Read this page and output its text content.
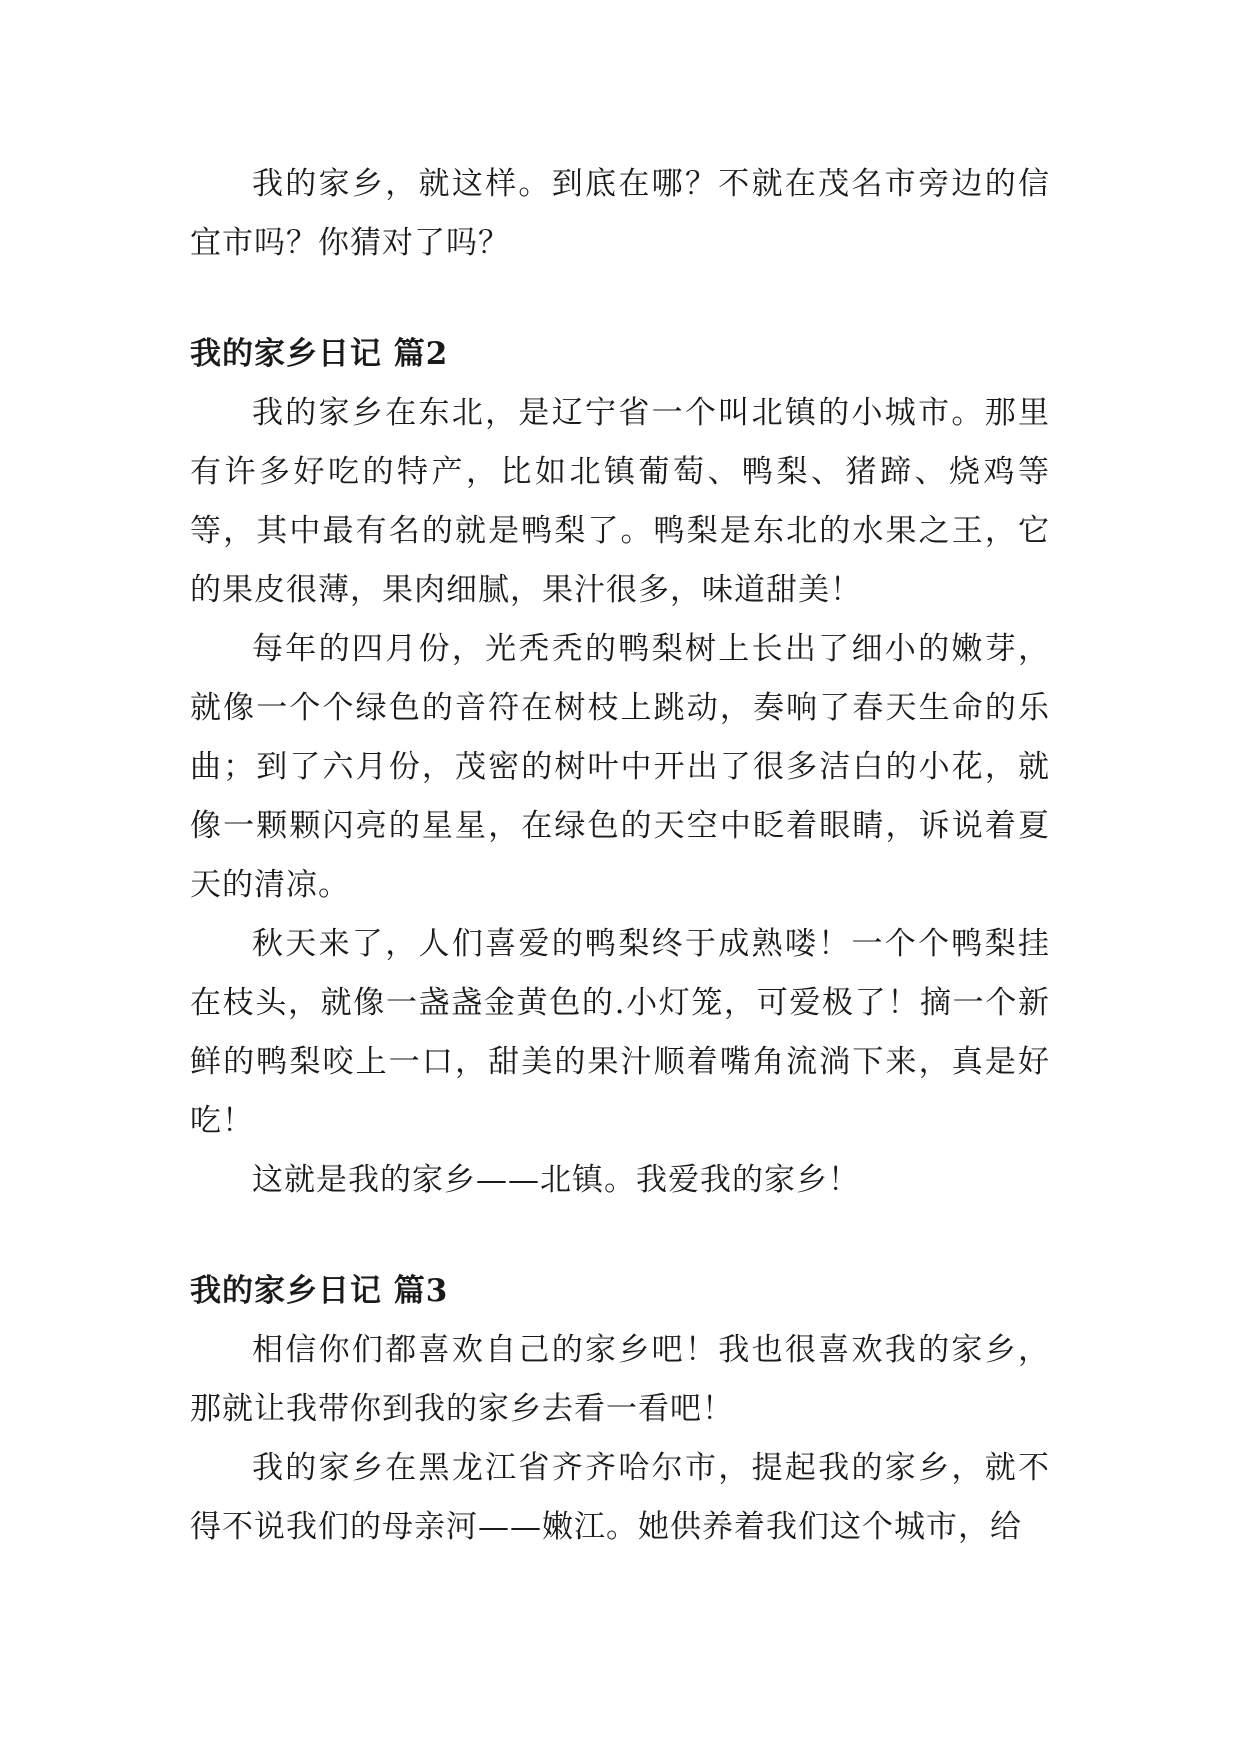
我的家乡，就这样。到底在哪？不就在茂名市旁边的信宜市吗？你猜对了吗？

我的家乡日记 篇2

我的家乡在东北，是辽宁省一个叫北镇的小城市。那里有许多好吃的特产，比如北镇葡萄、鸭梨、猪蹄、烧鸡等等，其中最有名的就是鸭梨了。鸭梨是东北的水果之王，它的果皮很薄，果肉细腻，果汁很多，味道甜美！

每年的四月份，光秃秃的鸭梨树上长出了细小的嫩芽，就像一个个绿色的音符在树枝上跳动，奏响了春天生命的乐曲；到了六月份，茂密的树叶中开出了很多洁白的小花，就像一颗颗闪亮的星星，在绿色的天空中眨着眼睛，诉说着夏天的清凉。

秋天来了，人们喜爱的鸭梨终于成熟喽！一个个鸭梨挂在枝头，就像一盏盏金黄色的.小灯笼，可爱极了！摘一个新鲜的鸭梨咬上一口，甜美的果汁顺着嘴角流淌下来，真是好吃！

这就是我的家乡——北镇。我爱我的家乡！

我的家乡日记 篇3

相信你们都喜欢自己的家乡吧！我也很喜欢我的家乡，那就让我带你到我的家乡去看一看吧！

我的家乡在黑龙江省齐齐哈尔市，提起我的家乡，就不得不说我们的母亲河——嫩江。她供养着我们这个城市，给
